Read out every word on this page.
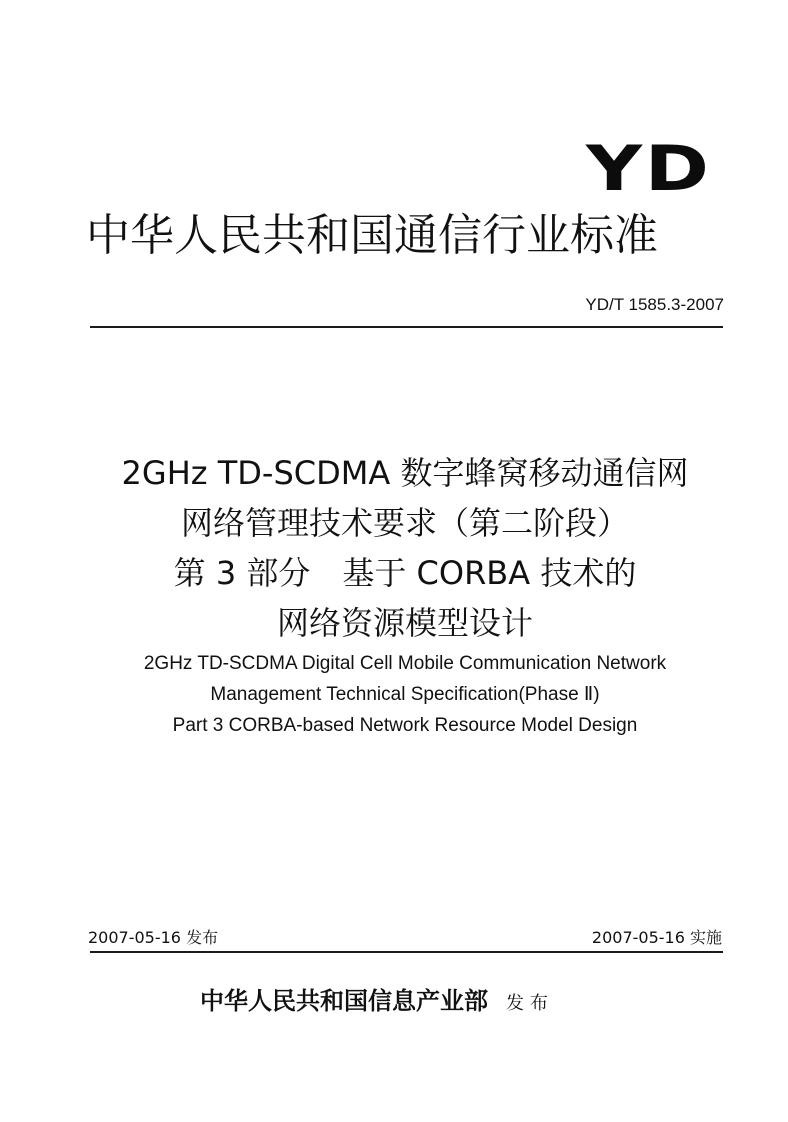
YD
中华人民共和国通信行业标准
YD/T 1585.3-2007
2GHz TD-SCDMA 数字蜂窝移动通信网
网络管理技术要求（第二阶段）
第 3 部分　基于 CORBA 技术的
网络资源模型设计
2GHz TD-SCDMA Digital Cell Mobile Communication Network
Management Technical Specification(Phase Ⅱ)
Part 3 CORBA-based Network Resource Model Design
2007-05-16 发布	2007-05-16 实施
中华人民共和国信息产业部 发布
